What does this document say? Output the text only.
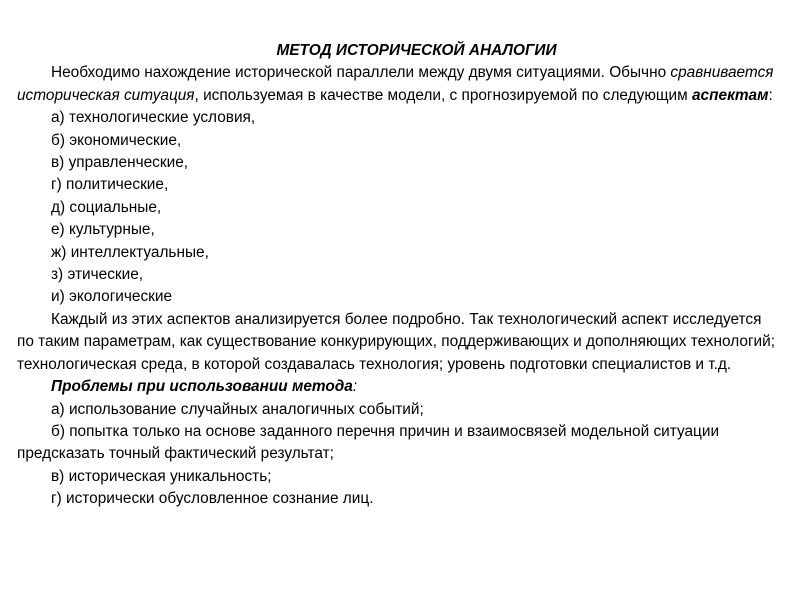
МЕТОД ИСТОРИЧЕСКОЙ АНАЛОГИИ

Необходимо нахождение исторической параллели между двумя ситуациями. Обычно сравнивается историческая ситуация, используемая в качестве модели, с прогнозируемой по следующим аспектам:

а) технологические условия,

б) экономические,

в) управленческие,

г) политические,

д) социальные,

е) культурные,

ж) интеллектуальные,

з) этические,

и) экологические

Каждый из этих аспектов анализируется более подробно. Так технологический аспект исследуется по таким параметрам, как существование конкурирующих, поддерживающих и дополняющих технологий; технологическая среда, в которой создавалась технология; уровень подготовки специалистов и т.д.

Проблемы при использовании метода:

а) использование случайных аналогичных событий;

б) попытка только на основе заданного перечня причин и взаимосвязей модельной ситуации предсказать точный фактический результат;

в) историческая уникальность;

г) исторически обусловленное сознание лиц.
